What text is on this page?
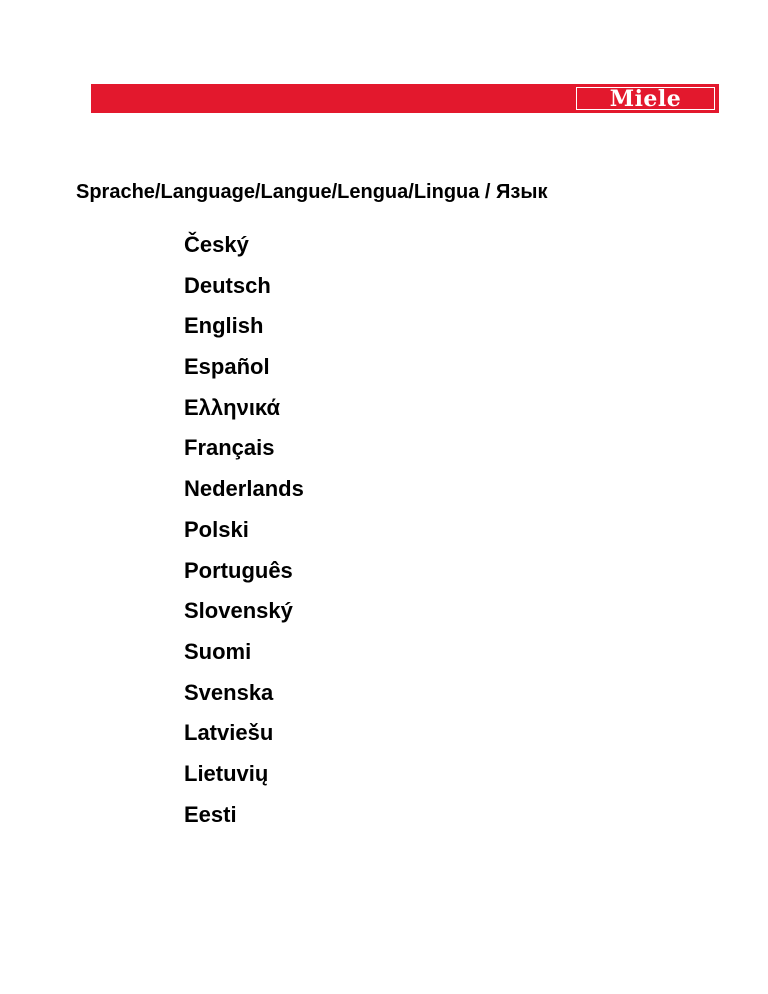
Miele
Sprache/Language/Langue/Lengua/Lingua / Язык
Český
Deutsch
English
Español
Ελληνικά
Français
Nederlands
Polski
Português
Slovenský
Suomi
Svenska
Latviešu
Lietuvių
Eesti
